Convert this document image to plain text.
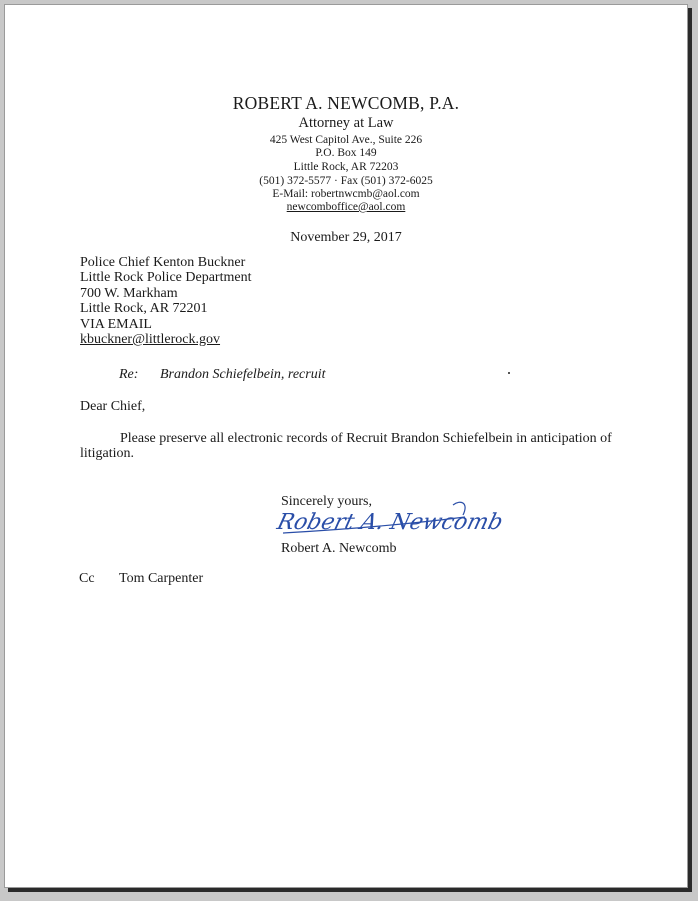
ROBERT A. NEWCOMB, P.A.
Attorney at Law
425 West Capitol Ave., Suite 226
P.O. Box 149
Little Rock, AR 72203
(501) 372-5577 · Fax (501) 372-6025
E-Mail: robertnwcmb@aol.com
newcomboffice@aol.com
November 29, 2017
Police Chief Kenton Buckner
Little Rock Police Department
700 W. Markham
Little Rock, AR 72201
VIA EMAIL
kbuckner@littlerock.gov
Re: Brandon Schiefelbein, recruit
Dear Chief,
Please preserve all electronic records of Recruit Brandon Schiefelbein in anticipation of litigation.
Sincerely yours,
Robert A. Newcomb
Robert A. Newcomb
Cc Tom Carpenter
